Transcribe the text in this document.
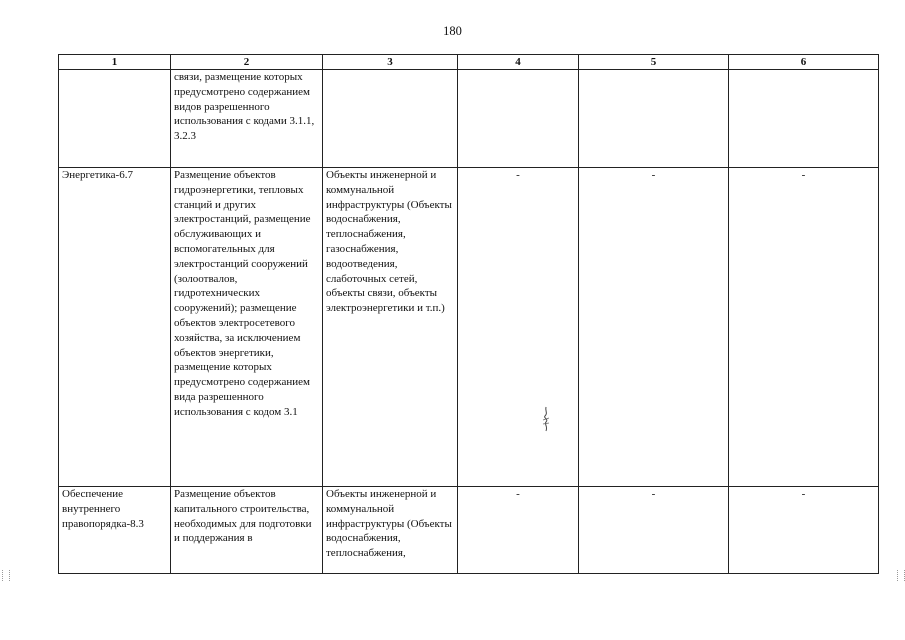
180
1	2	3	4	5	6
	связи, размещение которых предусмотрено содержанием видов разрешенного использования с кодами 3.1.1, 3.2.3				
Энергетика-6.7	Размещение объектов гидроэнергетики, тепловых станций и других электростанций, размещение обслуживающих и вспомогательных для электростанций сооружений (золоотвалов, гидротехнических сооружений); размещение объектов электросетевого хозяйства, за исключением объектов энергетики, размещение которых предусмотрено содержанием вида разрешенного использования с кодом 3.1	Объекты инженерной и коммунальной инфраструктуры (Объекты водоснабжения, теплоснабжения, газоснабжения, водоотведения, слаботочных сетей, объекты связи, объекты электроэнергетики и т.п.)	-	-	-
Обеспечение внутреннего правопорядка-8.3	Размещение объектов капитального строительства, необходимых для подготовки и поддержания в	Объекты инженерной и коммунальной инфраструктуры (Объекты водоснабжения, теплоснабжения,	-	-	-
